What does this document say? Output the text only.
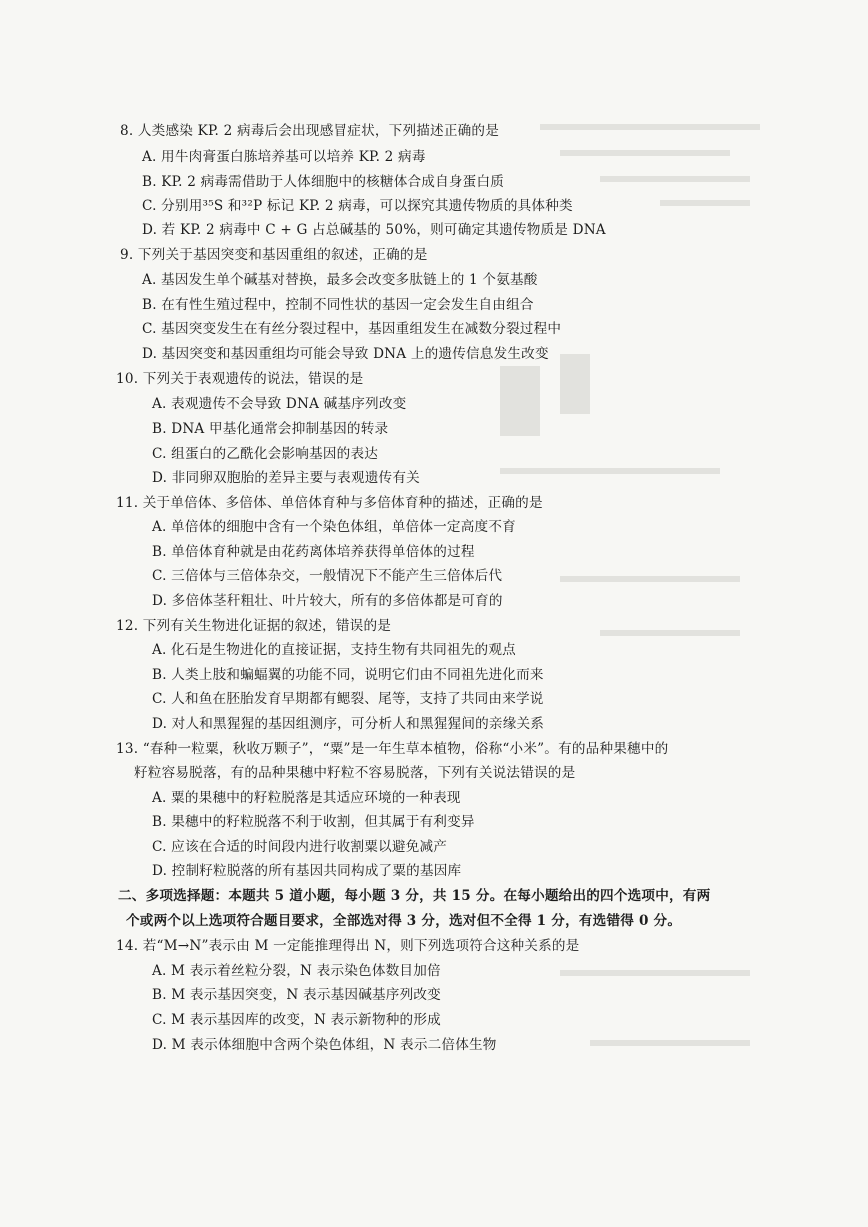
8. 人类感染 KP. 2 病毒后会出现感冒症状，下列描述正确的是
A. 用牛肉膏蛋白胨培养基可以培养 KP. 2 病毒
B. KP. 2 病毒需借助于人体细胞中的核糖体合成自身蛋白质
C. 分别用³⁵S 和³²P 标记 KP. 2 病毒，可以探究其遗传物质的具体种类
D. 若 KP. 2 病毒中 C + G 占总碱基的 50%，则可确定其遗传物质是 DNA
9. 下列关于基因突变和基因重组的叙述，正确的是
A. 基因发生单个碱基对替换，最多会改变多肽链上的 1 个氨基酸
B. 在有性生殖过程中，控制不同性状的基因一定会发生自由组合
C. 基因突变发生在有丝分裂过程中，基因重组发生在减数分裂过程中
D. 基因突变和基因重组均可能会导致 DNA 上的遗传信息发生改变
10. 下列关于表观遗传的说法，错误的是
A. 表观遗传不会导致 DNA 碱基序列改变
B. DNA 甲基化通常会抑制基因的转录
C. 组蛋白的乙酰化会影响基因的表达
D. 非同卵双胞胎的差异主要与表观遗传有关
11. 关于单倍体、多倍体、单倍体育种与多倍体育种的描述，正确的是
A. 单倍体的细胞中含有一个染色体组，单倍体一定高度不育
B. 单倍体育种就是由花药离体培养获得单倍体的过程
C. 三倍体与三倍体杂交，一般情况下不能产生三倍体后代
D. 多倍体茎秆粗壮、叶片较大，所有的多倍体都是可育的
12. 下列有关生物进化证据的叙述，错误的是
A. 化石是生物进化的直接证据，支持生物有共同祖先的观点
B. 人类上肢和蝙蝠翼的功能不同，说明它们由不同祖先进化而来
C. 人和鱼在胚胎发育早期都有鳃裂、尾等，支持了共同由来学说
D. 对人和黑猩猩的基因组测序，可分析人和黑猩猩间的亲缘关系
13. “春种一粒粟，秋收万颗子”，“粟”是一年生草本植物，俗称“小米”。有的品种果穗中的
籽粒容易脱落，有的品种果穗中籽粒不容易脱落，下列有关说法错误的是
A. 粟的果穗中的籽粒脱落是其适应环境的一种表现
B. 果穗中的籽粒脱落不利于收割，但其属于有利变异
C. 应该在合适的时间段内进行收割粟以避免减产
D. 控制籽粒脱落的所有基因共同构成了粟的基因库
二、多项选择题：本题共 5 道小题，每小题 3 分，共 15 分。在每小题给出的四个选项中，有两
个或两个以上选项符合题目要求，全部选对得 3 分，选对但不全得 1 分，有选错得 0 分。
14. 若“M→N”表示由 M 一定能推理得出 N，则下列选项符合这种关系的是
A. M 表示着丝粒分裂，N 表示染色体数目加倍
B. M 表示基因突变，N 表示基因碱基序列改变
C. M 表示基因库的改变，N 表示新物种的形成
D. M 表示体细胞中含两个染色体组，N 表示二倍体生物
